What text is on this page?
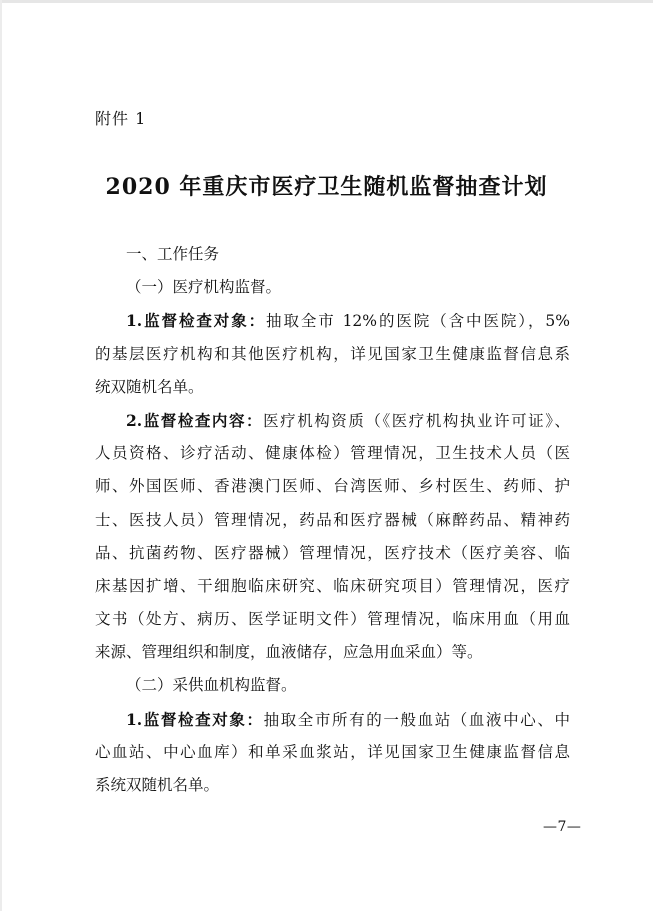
附件 1
2020 年重庆市医疗卫生随机监督抽查计划
一、工作任务
（一）医疗机构监督。
1.监督检查对象：抽取全市 12%的医院（含中医院），5%
的基层医疗机构和其他医疗机构，详见国家卫生健康监督信息系
统双随机名单。
2.监督检查内容：医疗机构资质（《医疗机构执业许可证》、
人员资格、诊疗活动、健康体检）管理情况，卫生技术人员（医
师、外国医师、香港澳门医师、台湾医师、乡村医生、药师、护
士、医技人员）管理情况，药品和医疗器械（麻醉药品、精神药
品、抗菌药物、医疗器械）管理情况，医疗技术（医疗美容、临
床基因扩增、干细胞临床研究、临床研究项目）管理情况，医疗
文书（处方、病历、医学证明文件）管理情况，临床用血（用血
来源、管理组织和制度，血液储存，应急用血采血）等。
（二）采供血机构监督。
1.监督检查对象：抽取全市所有的一般血站（血液中心、中
心血站、中心血库）和单采血浆站，详见国家卫生健康监督信息
系统双随机名单。
—7—
